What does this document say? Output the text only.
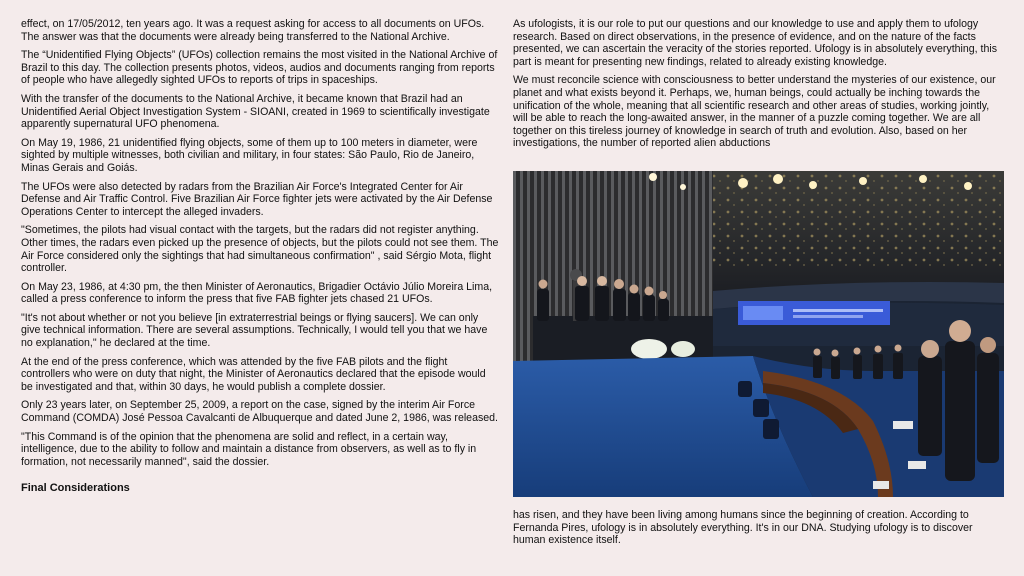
effect, on 17/05/2012, ten years ago. It was a request asking for access to all documents on UFOs. The answer was that the documents were already being transferred to the National Archive.

The “Unidentified Flying Objects” (UFOs) collection remains the most visited in the National Archive of Brazil to this day. The collection presents photos, videos, audios and documents ranging from reports of people who have allegedly sighted UFOs to reports of trips in spaceships.

With the transfer of the documents to the National Archive, it became known that Brazil had an Unidentified Aerial Object Investigation System - SIOANI, created in 1969 to scientifically investigate apparently supernatural UFO phenomena.

On May 19, 1986, 21 unidentified flying objects, some of them up to 100 meters in diameter, were sighted by multiple witnesses, both civilian and military, in four states: São Paulo, Rio de Janeiro, Minas Gerais and Goiás.

The UFOs were also detected by radars from the Brazilian Air Force's Integrated Center for Air Defense and Air Traffic Control. Five Brazilian Air Force fighter jets were activated by the Air Defense Operations Center to intercept the alleged invaders.

"Sometimes, the pilots had visual contact with the targets, but the radars did not register anything. Other times, the radars even picked up the presence of objects, but the pilots could not see them. The Air Force considered only the sightings that had simultaneous confirmation" , said Sérgio Mota, flight controller.

On May 23, 1986, at 4:30 pm, the then Minister of Aeronautics, Brigadier Octávio Júlio Moreira Lima, called a press conference to inform the press that five FAB fighter jets chased 21 UFOs.

"It's not about whether or not you believe [in extraterrestrial beings or flying saucers]. We can only give technical information. There are several assumptions. Technically, I would tell you that we have no explanation," he declared at the time.

At the end of the press conference, which was attended by the five FAB pilots and the flight controllers who were on duty that night, the Minister of Aeronautics declared that the episode would be investigated and that, within 30 days, he would publish a complete dossier.

Only 23 years later, on September 25, 2009, a report on the case, signed by the interim Air Force Command (COMDA) José Pessoa Cavalcanti de Albuquerque and dated June 2, 1986, was released.

"This Command is of the opinion that the phenomena are solid and reflect, in a certain way, intelligence, due to the ability to follow and maintain a distance from observers, as well as to fly in formation, not necessarily manned", said the dossier.

Final Considerations

As ufologists, it is our role to put our questions and our knowledge to use and apply them to ufology research. Based on direct observations, in the presence of evidence, and on the nature of the facts presented, we can ascertain the veracity of the stories reported. Ufology is in absolutely everything, this part is meant for presenting new findings, related to already existing knowledge.

We must reconcile science with consciousness to better understand the mysteries of our existence, our planet and what exists beyond it. Perhaps, we, human beings, could actually be inching towards the unification of the whole, meaning that all scientific research and other areas of studies, working jointly, will be able to reach the long-awaited answer, in the manner of a puzzle coming together. We are all together on this tireless journey of knowledge in search of truth and evolution. Also, based on her investigations, the number of reported alien abductions

has risen, and they have been living among humans since the beginning of creation. According to Fernanda Pires, ufology is in absolutely everything. It's in our DNA. Studying ufology is to discover human existence itself.
